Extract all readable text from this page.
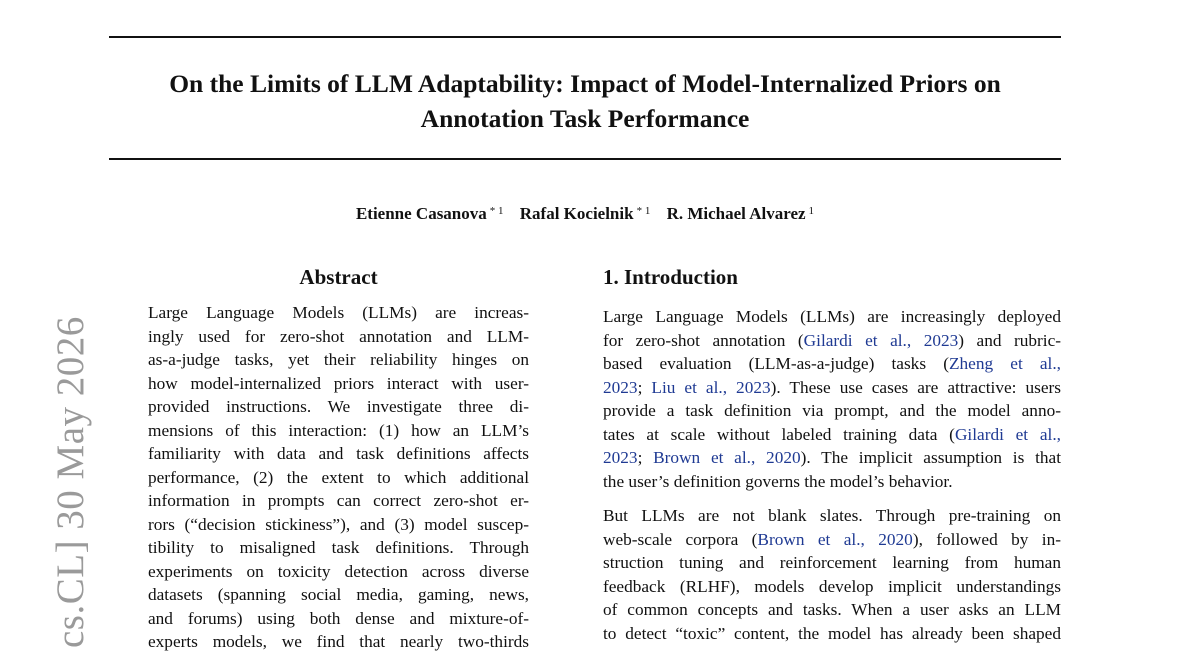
On the Limits of LLM Adaptability: Impact of Model-Internalized Priors on
Annotation Task Performance
Etienne Casanova $^{* 1}$ Rafal Kocielnik $^{* 1}$ R. Michael Alvarez $^1$
cs.CL] 30 May 2026
Abstract
Large Language Models (LLMs) are increas-
ingly used for zero-shot annotation and LLM-
as-a-judge tasks, yet their reliability hinges on
how model-internalized priors interact with user-
provided instructions. We investigate three di-
mensions of this interaction: (1) how an LLM’s
familiarity with data and task definitions affects
performance, (2) the extent to which additional
information in prompts can correct zero-shot er-
rors (“decision stickiness”), and (3) model suscep-
tibility to misaligned task definitions. Through
experiments on toxicity detection across diverse
datasets (spanning social media, gaming, news,
and forums) using both dense and mixture-of-
experts models, we find that nearly two-thirds
1. Introduction
Large Language Models (LLMs) are increasingly deployed
for zero-shot annotation (Gilardi et al., 2023) and rubric-
based evaluation (LLM-as-a-judge) tasks (Zheng et al.,
2023; Liu et al., 2023). These use cases are attractive: users
provide a task definition via prompt, and the model anno-
tates at scale without labeled training data (Gilardi et al.,
2023; Brown et al., 2020). The implicit assumption is that
the user’s definition governs the model’s behavior.
But LLMs are not blank slates. Through pre-training on
web-scale corpora (Brown et al., 2020), followed by in-
struction tuning and reinforcement learning from human
feedback (RLHF), models develop implicit understandings
of common concepts and tasks. When a user asks an LLM
to detect “toxic” content, the model has already been shaped
